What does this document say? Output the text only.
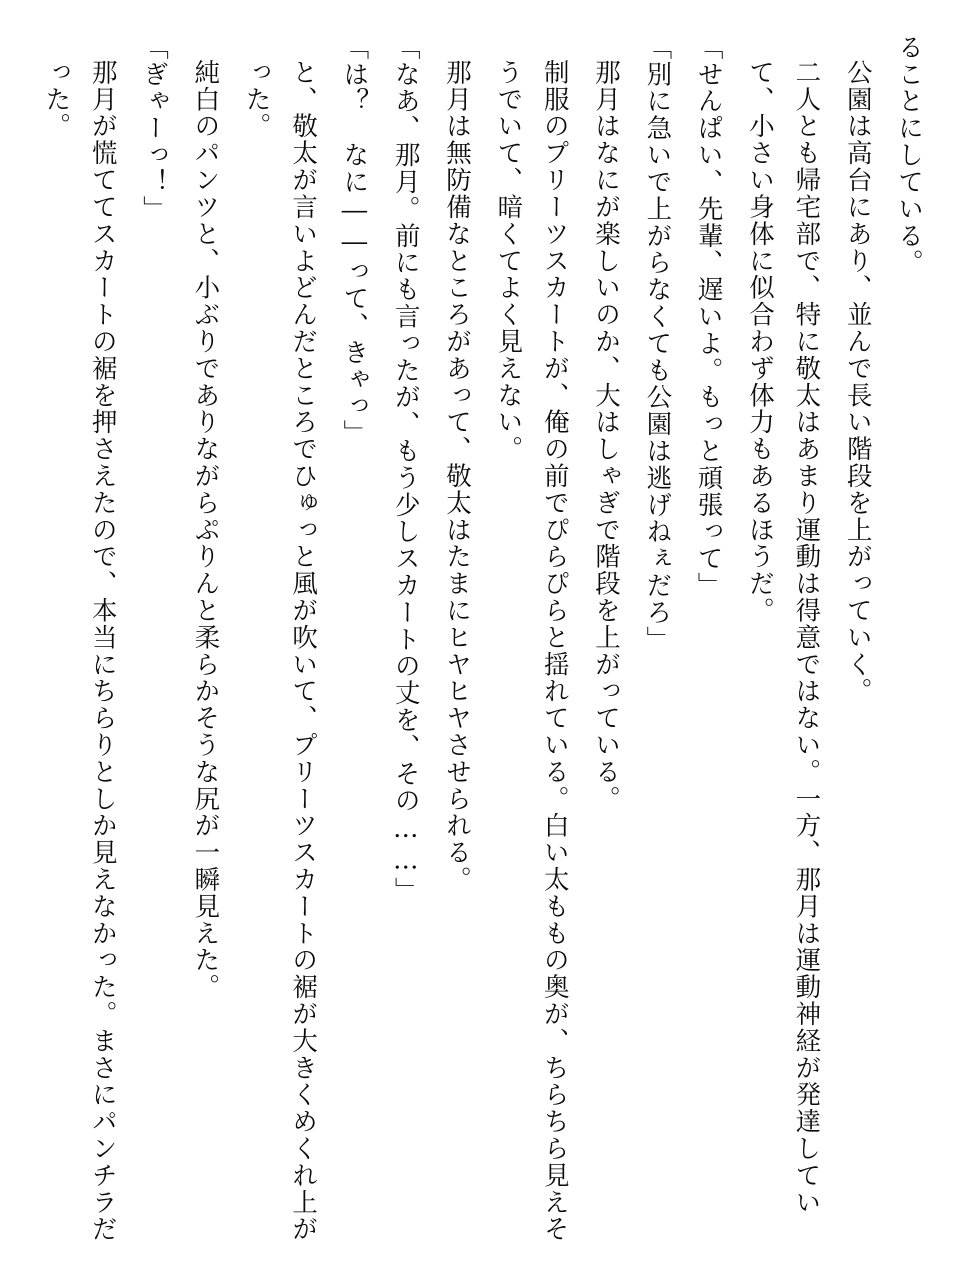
ることにしている。
公園は高台にあり、並んで長い階段を上がっていく。
二人とも帰宅部で、特に敬太はあまり運動は得意ではない。一方、那月は運動神経が発達していて、小さい身体に似合わず体力もあるほうだ。
「せんぱい、先輩、遅いよ。もっと頑張って」
「別に急いで上がらなくても公園は逃げねぇだろ」
那月はなにが楽しいのか、大はしゃぎで階段を上がっている。
制服のプリーツスカートが、俺の前でぴらぴらと揺れている。白い太ももの奥が、ちらちら見えそうでいて、暗くてよく見えない。
那月は無防備なところがあって、敬太はたまにヒヤヒヤさせられる。
「なあ、那月。前にも言ったが、もう少しスカートの丈を、その……」
「は？　なに――って、きゃっ」
と、敬太が言いよどんだところでひゅっと風が吹いて、プリーツスカートの裾が大きくめくれ上がった。
純白のパンツと、小ぶりでありながらぷりんと柔らかそうな尻が一瞬見えた。
「ぎゃーっ！」
那月が慌ててスカートの裾を押さえたので、本当にちらりとしか見えなかった。まさにパンチラだった。
